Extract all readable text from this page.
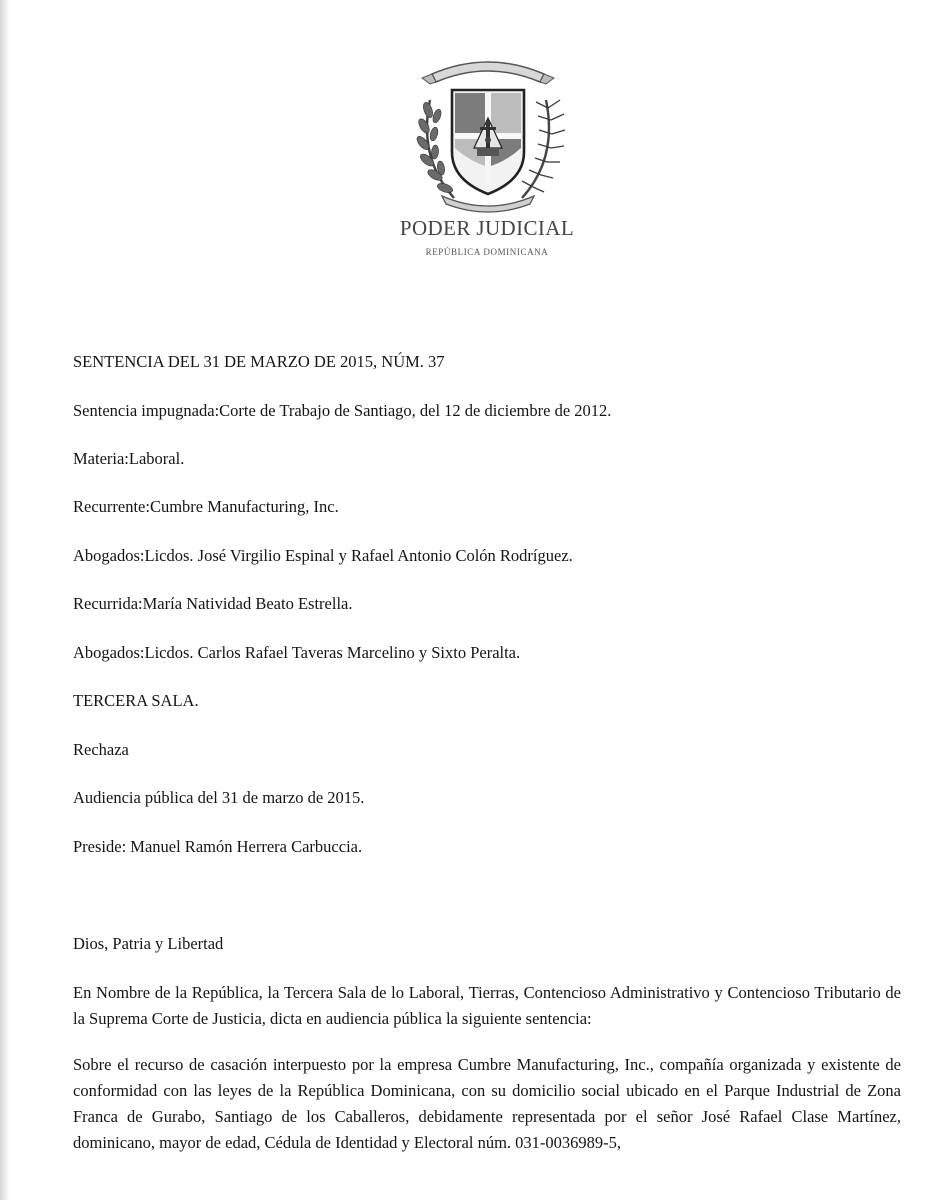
PODER JUDICIAL
REPÚBLICA DOMINICANA
SENTENCIA DEL 31 DE MARZO DE 2015, NÚM. 37
Sentencia impugnada:Corte de Trabajo de Santiago, del 12 de diciembre de 2012.
Materia:Laboral.
Recurrente:Cumbre Manufacturing, Inc.
Abogados:Licdos. José Virgilio Espinal y Rafael Antonio Colón Rodríguez.
Recurrida:María Natividad Beato Estrella.
Abogados:Licdos. Carlos Rafael Taveras Marcelino y Sixto Peralta.
TERCERA SALA.
Rechaza
Audiencia pública del 31 de marzo de 2015.
Preside: Manuel Ramón Herrera Carbuccia.
Dios, Patria y Libertad
En Nombre de la República, la Tercera Sala de lo Laboral, Tierras, Contencioso Administrativo y Contencioso Tributario de la Suprema Corte de Justicia, dicta en audiencia pública la siguiente sentencia:
Sobre el recurso de casación interpuesto por la empresa Cumbre Manufacturing, Inc., compañía organizada y existente de conformidad con las leyes de la República Dominicana, con su domicilio social ubicado en el Parque Industrial de Zona Franca de Gurabo, Santiago de los Caballeros, debidamente representada por el señor José Rafael Clase Martínez, dominicano, mayor de edad, Cédula de Identidad y Electoral núm. 031-0036989-5,
